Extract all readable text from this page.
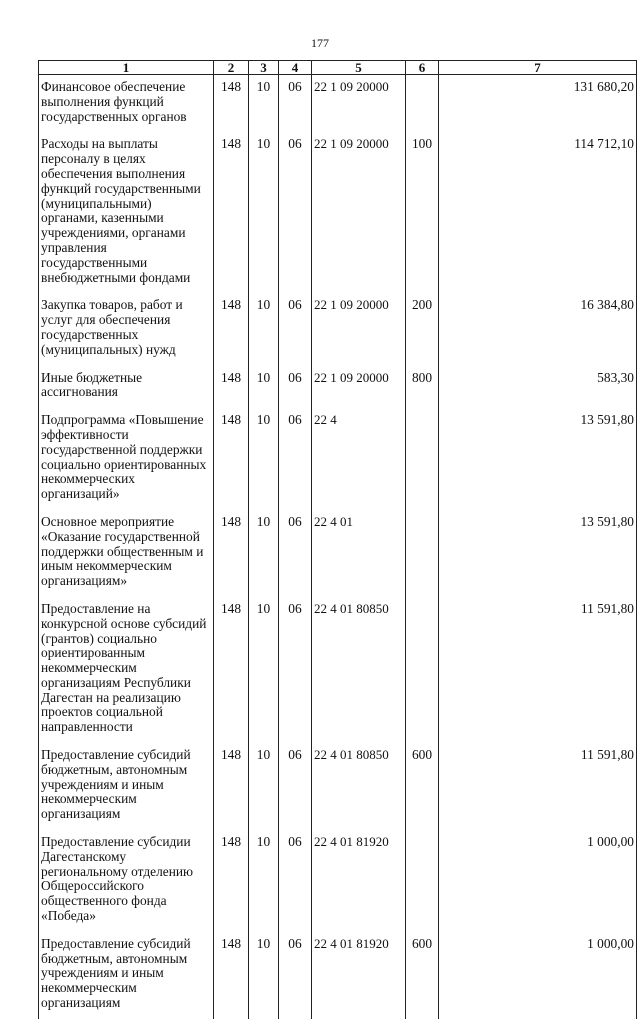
177
1	2	3	4	5	6	7
Финансовое обеспечение выполнения функций государственных органов	148	10	06	22 1 09 20000		131 680,20
Расходы на выплаты персоналу в целях обеспечения выполнения функций государственными (муниципальными) органами, казенными учреждениями, органами управления государственными внебюджетными фондами	148	10	06	22 1 09 20000	100	114 712,10
Закупка товаров, работ и услуг для обеспечения государственных (муниципальных) нужд	148	10	06	22 1 09 20000	200	16 384,80
Иные бюджетные ассигнования	148	10	06	22 1 09 20000	800	583,30
Подпрограмма «Повышение эффективности государственной поддержки социально ориентированных некоммерческих организаций»	148	10	06	22 4		13 591,80
Основное мероприятие «Оказание государственной поддержки общественным и иным некоммерческим организациям»	148	10	06	22 4 01		13 591,80
Предоставление на конкурсной основе субсидий (грантов) социально ориентированным некоммерческим организациям Республики Дагестан на реализацию проектов социальной направленности	148	10	06	22 4 01 80850		11 591,80
Предоставление субсидий бюджетным, автономным учреждениям и иным некоммерческим организациям	148	10	06	22 4 01 80850	600	11 591,80
Предоставление субсидии Дагестанскому региональному отделению Общероссийского общественного фонда «Победа»	148	10	06	22 4 01 81920		1 000,00
Предоставление субсидий бюджетным, автономным учреждениям и иным некоммерческим организациям	148	10	06	22 4 01 81920	600	1 000,00
